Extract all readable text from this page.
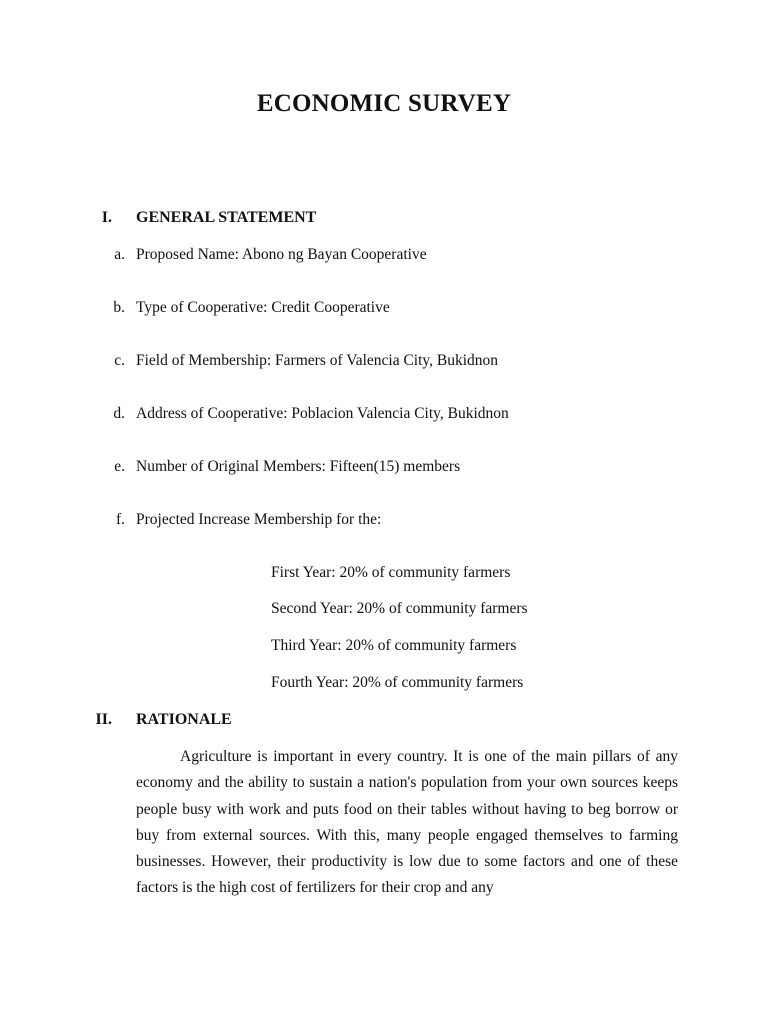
ECONOMIC SURVEY
I. GENERAL STATEMENT
a. Proposed Name: Abono ng Bayan Cooperative
b. Type of Cooperative: Credit Cooperative
c. Field of Membership: Farmers of Valencia City, Bukidnon
d. Address of Cooperative: Poblacion Valencia City, Bukidnon
e. Number of Original Members: Fifteen(15) members
f. Projected Increase Membership for the:
First Year: 20% of community farmers
Second Year: 20% of community farmers
Third Year: 20% of community farmers
Fourth Year: 20% of community farmers
II. RATIONALE

Agriculture is important in every country. It is one of the main pillars of any economy and the ability to sustain a nation's population from your own sources keeps people busy with work and puts food on their tables without having to beg borrow or buy from external sources. With this, many people engaged themselves to farming businesses. However, their productivity is low due to some factors and one of these factors is the high cost of fertilizers for their crop and any
